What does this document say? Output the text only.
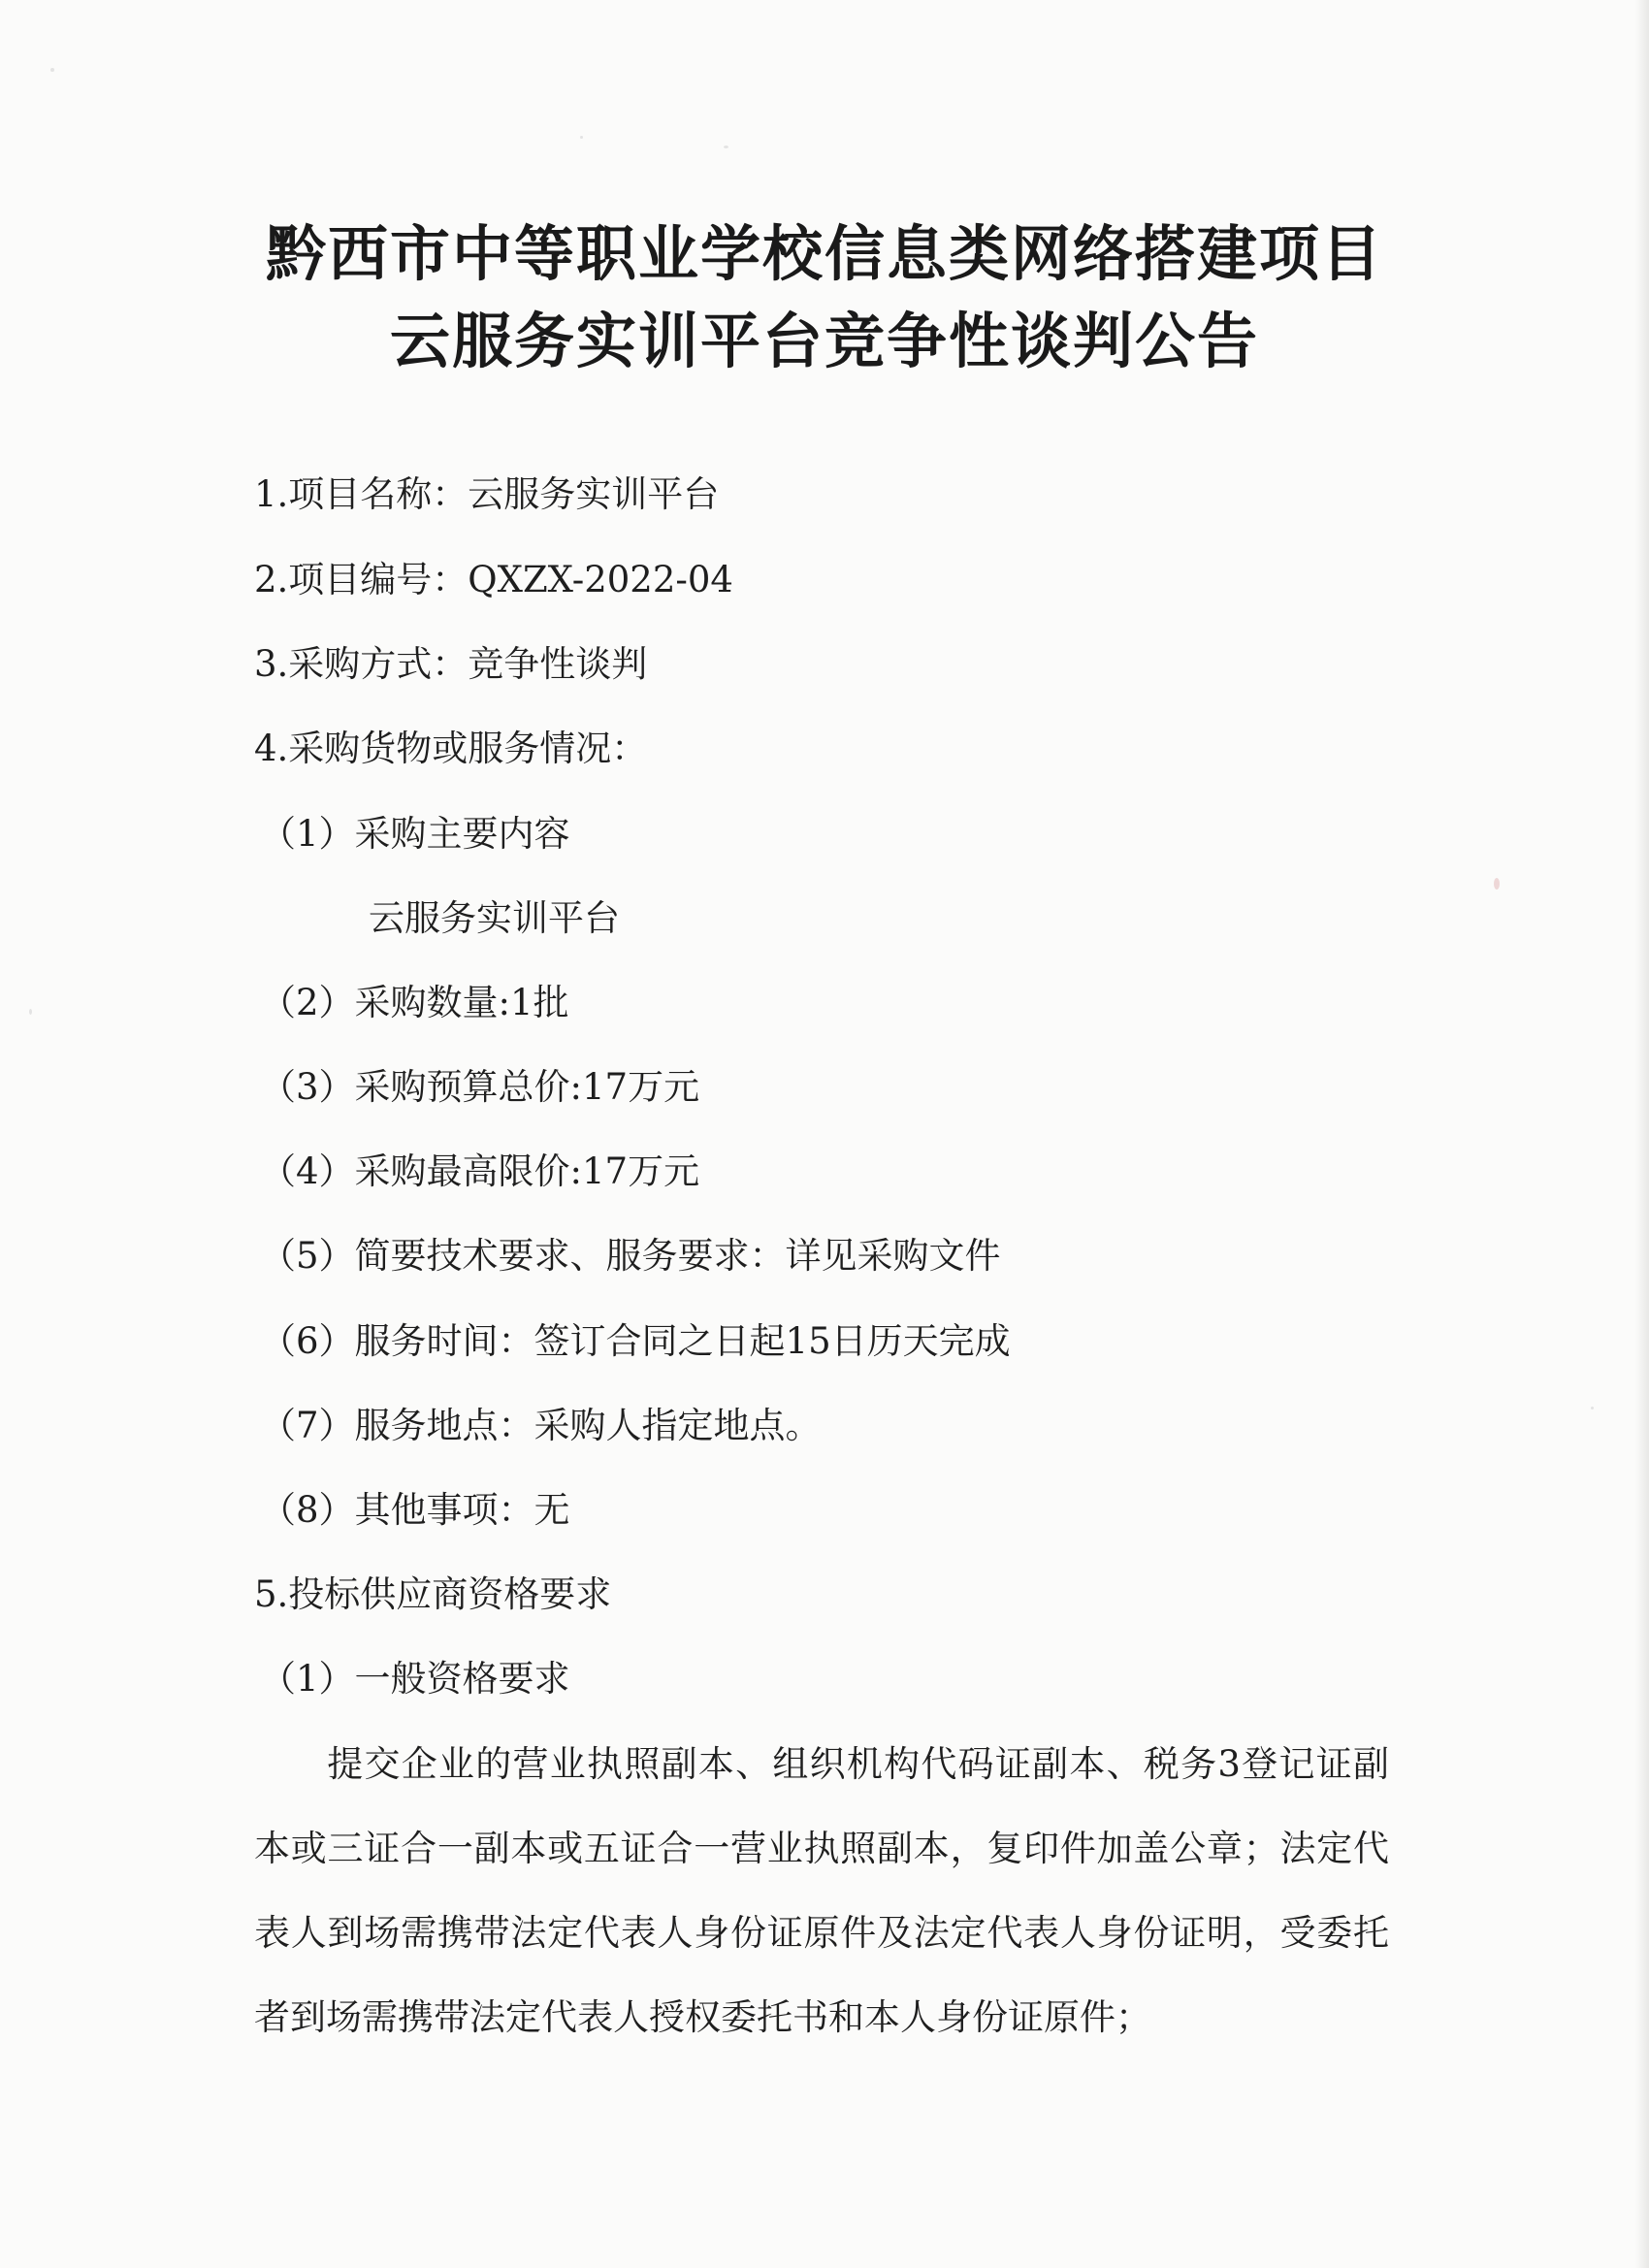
黔西市中等职业学校信息类网络搭建项目
云服务实训平台竞争性谈判公告
1.项目名称：云服务实训平台
2.项目编号：QXZX-2022-04
3.采购方式：竞争性谈判
4.采购货物或服务情况：
（1）采购主要内容
云服务实训平台
（2）采购数量:1批
（3）采购预算总价:17万元
（4）采购最高限价:17万元
（5）简要技术要求、服务要求：详见采购文件
（6）服务时间：签订合同之日起15日历天完成
（7）服务地点：采购人指定地点。
（8）其他事项：无
5.投标供应商资格要求
（1）一般资格要求
提交企业的营业执照副本、组织机构代码证副本、税务3登记证副本或三证合一副本或五证合一营业执照副本，复印件加盖公章；法定代表人到场需携带法定代表人身份证原件及法定代表人身份证明，受委托者到场需携带法定代表人授权委托书和本人身份证原件；
